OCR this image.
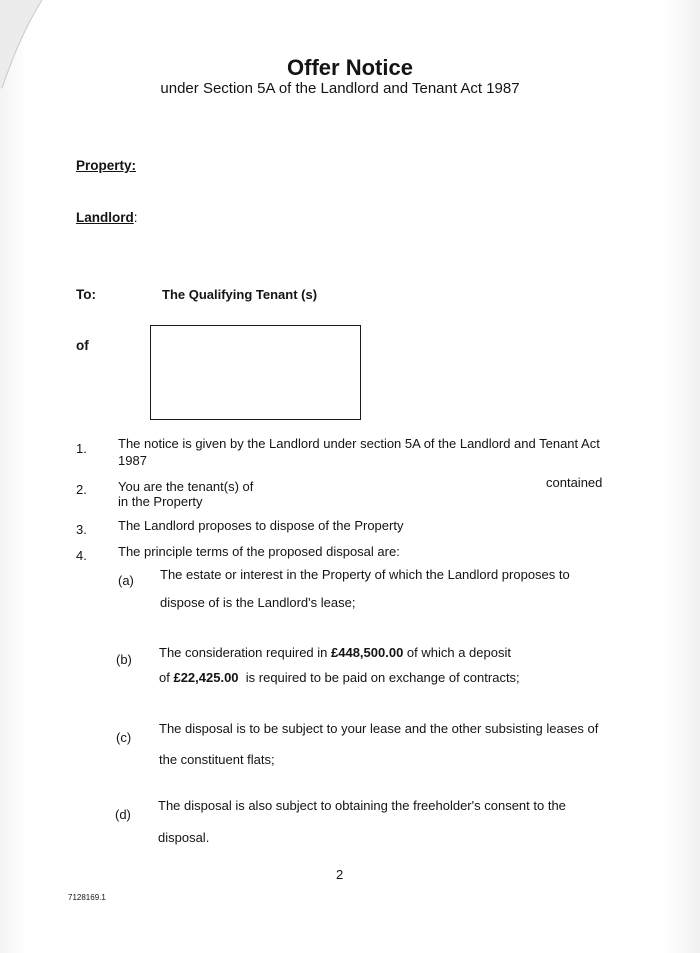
Offer Notice
under Section 5A of the Landlord and Tenant Act 1987
Property:
Landlord:
To:	The Qualifying Tenant (s)
of
1. The notice is given by the Landlord under section 5A of the Landlord and Tenant Act
1987
2. You are the tenant(s) of	contained
in the Property
3. The Landlord proposes to dispose of the Property
4. The principle terms of the proposed disposal are:
(a) The estate or interest in the Property of which the Landlord proposes to
dispose of is the Landlord's lease;
(b) The consideration required in £448,500.00 of which a deposit
of £22,425.00  is required to be paid on exchange of contracts;
(c)
The disposal is to be subject to your lease and the other subsisting leases of
the constituent flats;
(d)
The disposal is also subject to obtaining the freeholder's consent to the
disposal.
7128169.1
2
